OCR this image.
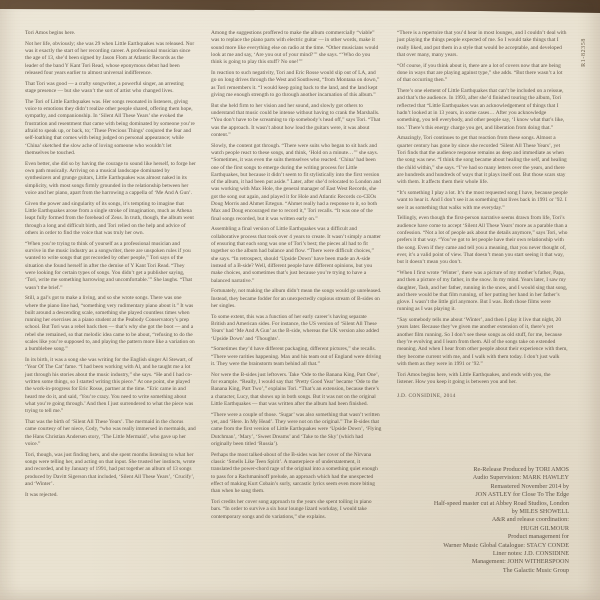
Tori Amos begins here.

Not her life, obviously; she was 29 when Little Earthquakes was released. Nor was it exactly the start of her recording career. A professional musician since the age of 13, she’d been signed by Jason Flom at Atlantic Records as the leader of the band Y Kant Tori Read, whose eponymous debut had been released four years earlier to almost universal indifference.

That Tori was good — a crafty songwriter, a powerful singer, an arresting stage presence — but she wasn’t the sort of artist who changed lives.

The Tori of Little Earthquakes was. Her songs resonated in listeners, giving voice to emotions they didn’t realize other people shared, offering them hope, sympathy, and companionship. In ‘Silent All These Years’ she evoked the frustration and resentment that came with being dominated by someone you’re afraid to speak up, or back, to; ‘These Precious Things’ conjured the fear and self-loathing that comes with being judged on personal appearance; while ‘China’ sketched the slow ache of loving someone who wouldn’t let themselves be touched.

Even better, she did so by having the courage to sound like herself, to forge her own path musically. Arriving on a musical landscape dominated by synthesizers and grunge guitars, Little Earthquakes was almost naked in its simplicity, with most songs firmly grounded in the relationship between her voice and her piano, apart from the harrowing a cappella of ‘Me And A Gun’.

Given the power and singularity of its songs, it’s tempting to imagine that Little Earthquakes arose from a single stroke of imagination, much as Athena leapt fully formed from the forehead of Zeus. In truth, though, the album went through a long and difficult birth, and Tori relied on the help and advice of others in order to find the voice that was truly her own.

“When you’re trying to think of yourself as a professional musician and survive in the music industry as a songwriter, there are unspoken rules if you wanted to write songs that got recorded by other people,” Tori says of the situation she found herself in after the demise of Y Kant Tori Read. “They were looking for certain types of songs. You didn’t get a publisher saying, ‘Tori, write me something harrowing and uncomfortable.’” She laughs. “That wasn’t the brief.”

Still, a gal’s got to make a living, and so she wrote songs. There was one where the piano line had, “something very rudimentary piano about it.” It was built around a descending scale, something she played countless times when running her exercises as a piano student at the Peabody Conservatory’s prep school. But Tori was a rebel back then — that’s why she got the boot — and a rebel she remained, so that melodic idea came to be about, “refusing to do the scales like you’re supposed to, and playing the pattern more like a variation on a bumblebee song.”

In its birth, it was a song she was writing for the English singer Al Stewart, of ‘Year Of The Cat’ fame. “I had been working with Al, and he taught me a lot just through his stories about the music industry,” she says. “He and I had co-written some things, so I started writing this piece.” At one point, she played the work-in-progress for Eric Rosse, partner at the time. “Eric came in and heard me do it, and said, ‘You’re crazy. You need to write something about what you’re going through.’ And then I just surrendered to what the piece was trying to tell me.”

That was the birth of ‘Silent All These Years’. The mermaid in the chorus came courtesy of her niece, Cody, “who was really immersed in mermaids, and the Hans Christian Andersen story, ‘The Little Mermaid’, who gave up her voice.”

Tori, though, was just finding hers, and she spent months listening to what her songs were telling her, and acting on that input. She trusted her instincts, wrote and recorded, and by January of 1991, had put together an album of 13 songs produced by Davitt Sigerson that included, ‘Silent All These Years’, ‘Crucify’, and ‘Winter’.

It was rejected.

Among the suggestions proffered to make the album commercially “viable” was to replace the piano parts with electric guitar — in other words, make it sound more like everything else on radio at the time. “Other musicians would look at me and say, ‘Are you out of your mind?’” she says. “‘Who do you think is going to play this stuff? No one!’”

In reaction to such negativity, Tori and Eric Rosse would slip out of LA, and go on long drives through the West and Southwest, “from Montana on down,” as Tori remembers it. “I would keep going back to the land, and the land kept giving me enough strength to go through another incarnation of this album.”

But she held firm to her vision and her sound, and slowly got others to understand that music could be intense without having to crank the Marshalls. “You don’t have to be screaming to rip somebody’s head off,” says Tori. “That was the approach. It wasn’t about how loud the guitars were, it was about content.”

Slowly, the content got through. “There were suits who began to sit back and watch people react to these songs, and think, ‘Hold on a minute…’” she says. “Sometimes, it was even the suits themselves who reacted. ‘China’ had been one of the first songs to emerge during the writing process for Little Earthquakes, but because it didn’t seem to fit stylistically into the first version of the album, it had been put aside.” Later, after she’d relocated to London and was working with Max Hole, the general manager of East West Records, she got the song out again, and played it for Hole and Atlantic Records co-CEOs Doug Morris and Ahmet Ertegun. “Ahmet really had a response to it, so both Max and Doug encouraged me to record it,” Tori recalls. “It was one of the final songs recorded, but it was written early on.”

Assembling a final version of Little Earthquakes was a difficult and collaborative process that took over 4 years to create. It wasn’t simply a matter of ensuring that each song was one of Tori’s best; the pieces all had to fit together so the album had balance and flow. “There were difficult choices,” she says. “In retrospect, should ‘Upside Down’ have been made an A-side instead of a B-side? Well, different people have different opinions, but you make choices, and sometimes that’s just because you’re trying to have a balanced narrative.”

Fortunately, not making the album didn’t mean the songs would go unreleased. Instead, they became fodder for an unexpectedly copious stream of B-sides on her singles.

To some extent, this was a function of her early career’s having separate British and American sides. For instance, the US version of ‘Silent All These Years’ had ‘Me And A Gun’ as the B-side, whereas the UK version also added ‘Upside Down’ and ‘Thoughts’.

“Sometimes they’d have different packaging, different pictures,” she recalls. “There were rarities happening. Max and his team out of England were driving it. They were the brainstorm team behind all that.”

Nor were the B-sides just leftovers. Take ‘Ode to the Banana King, Part One’, for example. “Really, I would say that ‘Pretty Good Year’ became ‘Ode to the Banana King, Part Two’,” explains Tori. “That’s an extension, because there’s a character, Lucy, that shows up in both songs. But it was not on the original Little Earthquakes — that was written after the album had been finished.

“There were a couple of those. ‘Sugar’ was also something that wasn’t written yet, and ‘Here. In My Head’. They were not on the original.” The B-sides that came from the first version of Little Earthquakes were ‘Upside Down’, ‘Flying Dutchman’, ‘Mary’, ‘Sweet Dreams’ and ‘Take to the Sky’ (which had originally been titled ‘Russia’).

Perhaps the most talked-about of the B-sides was her cover of the Nirvana classic ‘Smells Like Teen Spirit’. A masterpiece of understatement, it translated the power-chord rage of the original into a something quiet enough to pass for a Rachmaninoff prelude, an approach which had the unexpected effect of making Kurt Cobain’s surly, sarcastic lyrics seem even more biting than when he sang them.

Tori credits her cover song approach to the years she spent toiling in piano bars. “In order to survive a six hour lounge lizard workday, I would take contemporary songs and do variations,” she explains.

“There is a repertoire that you’d hear in most lounges, and I couldn’t deal with just playing the things people expected of me. So I would take things that I really liked, and put them in a style that would be acceptable, and developed that over many, many years.

“Of course, if you think about it, there are a lot of covers now that are being done in ways that are playing against type,” she adds. “But there wasn’t a lot of that occurring then.”

There’s one element of Little Earthquakes that can’t be included on a reissue, and that’s the audience. In 1993, after she’d finished touring the album, Tori reflected that “Little Earthquakes was an acknowledgement of things that I hadn’t looked at in 13 years, in some cases… After you acknowledge something, you tell everybody, and other people say, ‘I know what that’s like, too.’ There’s this energy charge you get, and liberation from doing that.”

Amazingly, Tori continues to get that reaction from these songs. Almost a quarter century has gone by since she recorded ‘Silent All These Years’, yet Tori finds that the audience response remains as deep and immediate as when the song was new. “I think the song became about healing the self, and healing the child within,” she says. “I’ve had so many letters over the years, and there are hundreds and hundreds of ways that it plays itself out. But those scars stay with them. It affects them their whole life.

“It’s something I play a lot. It’s the most requested song I have, because people want to hear it. And I don’t see it as something that lives back in 1991 or ’92. I see it as something that walks with me everyday.”

Tellingly, even though the first-person narrative seems drawn from life, Tori’s audience have come to accept ‘Silent All These Years’ more as a parable than a confession. “Not a lot of people ask about the details anymore,” says Tori, who prefers it that way. “You’ve got to let people have their own relationship with the song. Even if they came and tell you a meaning, that you never thought of, ever, it’s a valid point of view. That doesn’t mean you start seeing it that way, but it doesn’t mean you don’t.

“When I first wrote ‘Winter’, there was a picture of my mother’s father, Papa, and then a picture of my father, in the snow. In my mind. Years later, I saw my daughter, Tash, and her father, running in the snow, and I would sing that song, and there would be that film running, of her putting her hand in her father’s glove. I wasn’t the little girl anymore. But I was. Both those films were running as I was playing it.

“Say somebody tells me about ‘Winter’, and then I play it live that night, 20 years later. Because they’ve given me another extension of it, there’s yet another film running. So I don’t see these songs as old stuff, for me, because they’re evolving and I learn from them. All of the songs take on extended meaning. And when I hear from other people about their experience with them, they become current with me, and I walk with them today. I don’t just walk with them as they were in 1991 or ’92.”

Tori Amos begins here, with Little Earthquakes, and ends with you, the listener. How you keep it going is between you and her.

J.D. CONSIDINE, 2014

Re-Release Produced by TORI AMOS

Audio Supervision: MARK HAWLEY

Remastered November 2014 by

JON ASTLEY for Close To The Edge

Half-speed master cut at Abbey Road Studios, London

by MILES SHOWELL

A&R and release coordination:

HUGH GILMOUR

Product management for

Warner Music Global Catalogue: STACY CONDE

Liner notes: J.D. CONSIDINE

Management: JOHN WITHERSPOON

The Galactic Music Group

R1-82358
